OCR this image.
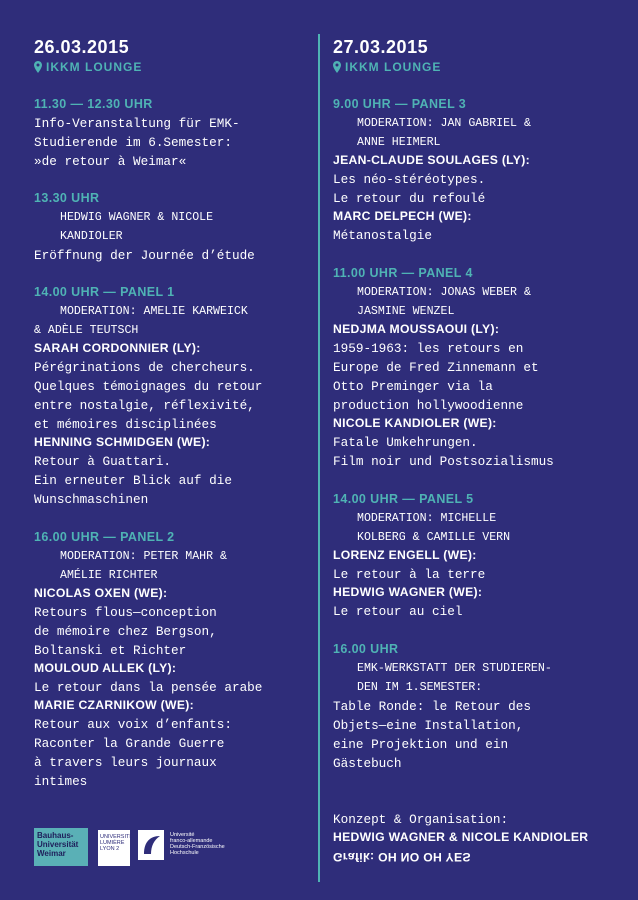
26.03.2015
IKKM LOUNGE
11.30 — 12.30 UHR
Info-Veranstaltung für EMK-
Studierende im 6.Semester:
»de retour à Weimar«
13.30 UHR
HEDWIG WAGNER & NICOLE
KANDIOLER
Eröffnung der Journée d’étude
14.00 UHR — PANEL 1
MODERATION: AMELIE KARWEICK
& ADÈLE TEUTSCH
SARAH CORDONNIER (LY):
Pérégrinations de chercheurs.
Quelques témoignages du retour
entre nostalgie, réflexivité,
et mémoires disciplinées
HENNING SCHMIDGEN (WE):
Retour à Guattari.
Ein erneuter Blick auf die
Wunschmaschinen
16.00 UHR — PANEL 2
MODERATION: PETER MAHR &
AMÉLIE RICHTER
NICOLAS OXEN (WE):
Retours flous—conception
de mémoire chez Bergson,
Boltanski et Richter
MOULOUD ALLEK (LY):
Le retour dans la pensée arabe
MARIE CZARNIKOW (WE):
Retour aux voix d’enfants:
Raconter la Grande Guerre
à travers leurs journaux
intimes
Bauhaus-
Universität
Weimar
UNIVERSITÉ
LUMIÈRE
LYON 2
Université
franco-allemande
Deutsch-Französische
Hochschule
27.03.2015
IKKM LOUNGE
9.00 UHR — PANEL 3
MODERATION: JAN GABRIEL &
ANNE HEIMERL
JEAN-CLAUDE SOULAGES (LY):
Les néo-stéréotypes.
Le retour du refoulé
MARC DELPECH (WE):
Métanostalgie
11.00 UHR — PANEL 4
MODERATION: JONAS WEBER &
JASMINE WENZEL
NEDJMA MOUSSAOUI (LY):
1959-1963: les retours en
Europe de Fred Zinnemann et
Otto Preminger via la
production hollywoodienne
NICOLE KANDIOLER (WE):
Fatale Umkehrungen.
Film noir und Postsozialismus
14.00 UHR — PANEL 5
MODERATION: MICHELLE
KOLBERG & CAMILLE VERN
LORENZ ENGELL (WE):
Le retour à la terre
HEDWIG WAGNER (WE):
Le retour au ciel
16.00 UHR
EMK-WERKSTATT DER STUDIEREN-
DEN IM 1.SEMESTER:
Table Ronde: le Retour des
Objets—eine Installation,
eine Projektion und ein
Gästebuch
Konzept & Organisation:
HEDWIG WAGNER & NICOLE KANDIOLER
Grafik: OH NO OH YES
